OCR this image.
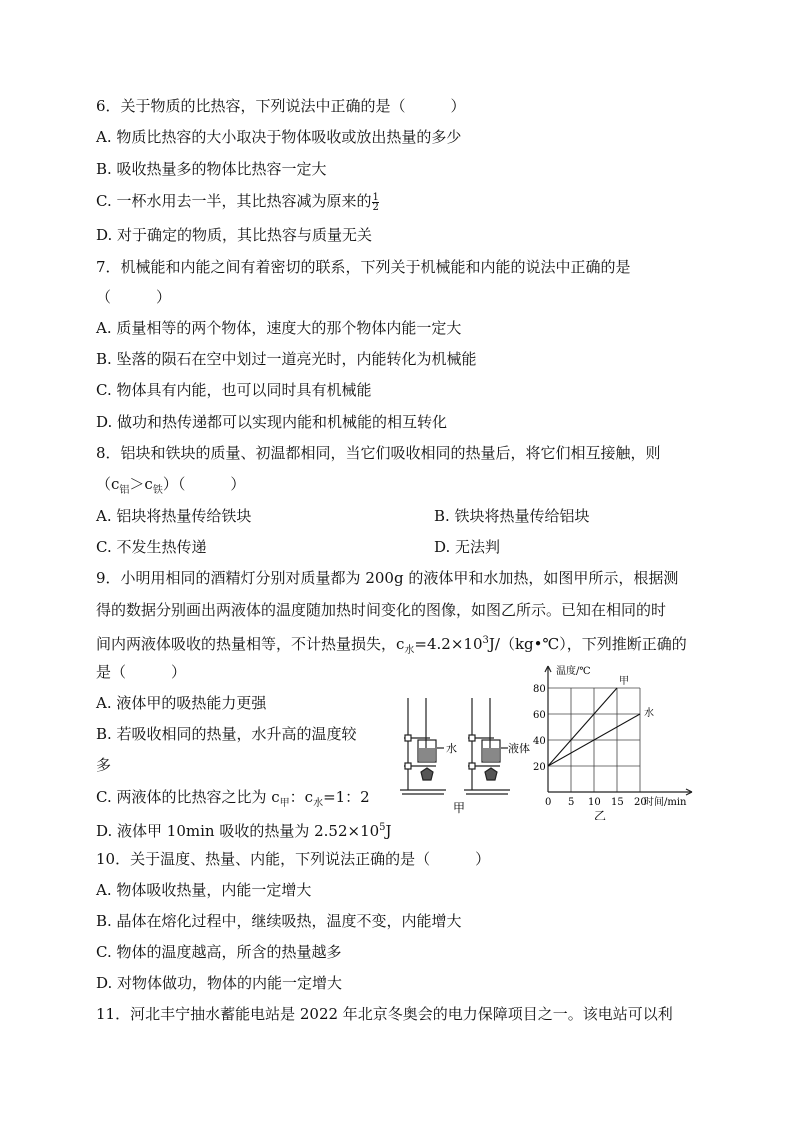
6．关于物质的比热容，下列说法中正确的是（　　　）
A. 物质比热容的大小取决于物体吸收或放出热量的多少
B. 吸收热量多的物体比热容一定大
C. 一杯水用去一半，其比热容减为原来的 $\frac{1}{2}$
D. 对于确定的物质，其比热容与质量无关
7．机械能和内能之间有着密切的联系，下列关于机械能和内能的说法中正确的是
（　　　）
A. 质量相等的两个物体，速度大的那个物体内能一定大
B. 坠落的陨石在空中划过一道亮光时，内能转化为机械能
C. 物体具有内能，也可以同时具有机械能
D. 做功和热传递都可以实现内能和机械能的相互转化
8．铝块和铁块的质量、初温都相同，当它们吸收相同的热量后，将它们相互接触，则
$(c_铝>c_铁)$（　　　）
A. 铝块将热量传给铁块	B. 铁块将热量传给铝块
C. 不发生热传递	D. 无法判
9．小明用相同的酒精灯分别对质量都为 200g 的液体甲和水加热，如图甲所示，根据测
得的数据分别画出两液体的温度随加热时间变化的图像，如图乙所示。已知在相同的时
间内两液体吸收的热量相等，不计热量损失，$c_水=4.2\times 10^3J/(kg•℃)$，下列推断正确的
是（　　　）
A. 液体甲的吸热能力更强
B. 若吸收相同的热量，水升高的温度较
多
C. 两液体的比热容之比为 $c_甲$：$c_水=1$：2
D. 液体甲 10min 吸收的热量为 $2.52\times 10^5J$
水	液体
甲
甲
水
0 5 10 15 20
20
40
60
80
温度/℃
时间/min
乙
10．关于温度、热量、内能，下列说法正确的是（　　　）
A. 物体吸收热量，内能一定增大
B. 晶体在熔化过程中，继续吸热，温度不变，内能增大
C. 物体的温度越高，所含的热量越多
D. 对物体做功，物体的内能一定增大
11．河北丰宁抽水蓄能电站是 2022 年北京冬奥会的电力保障项目之一。该电站可以利
